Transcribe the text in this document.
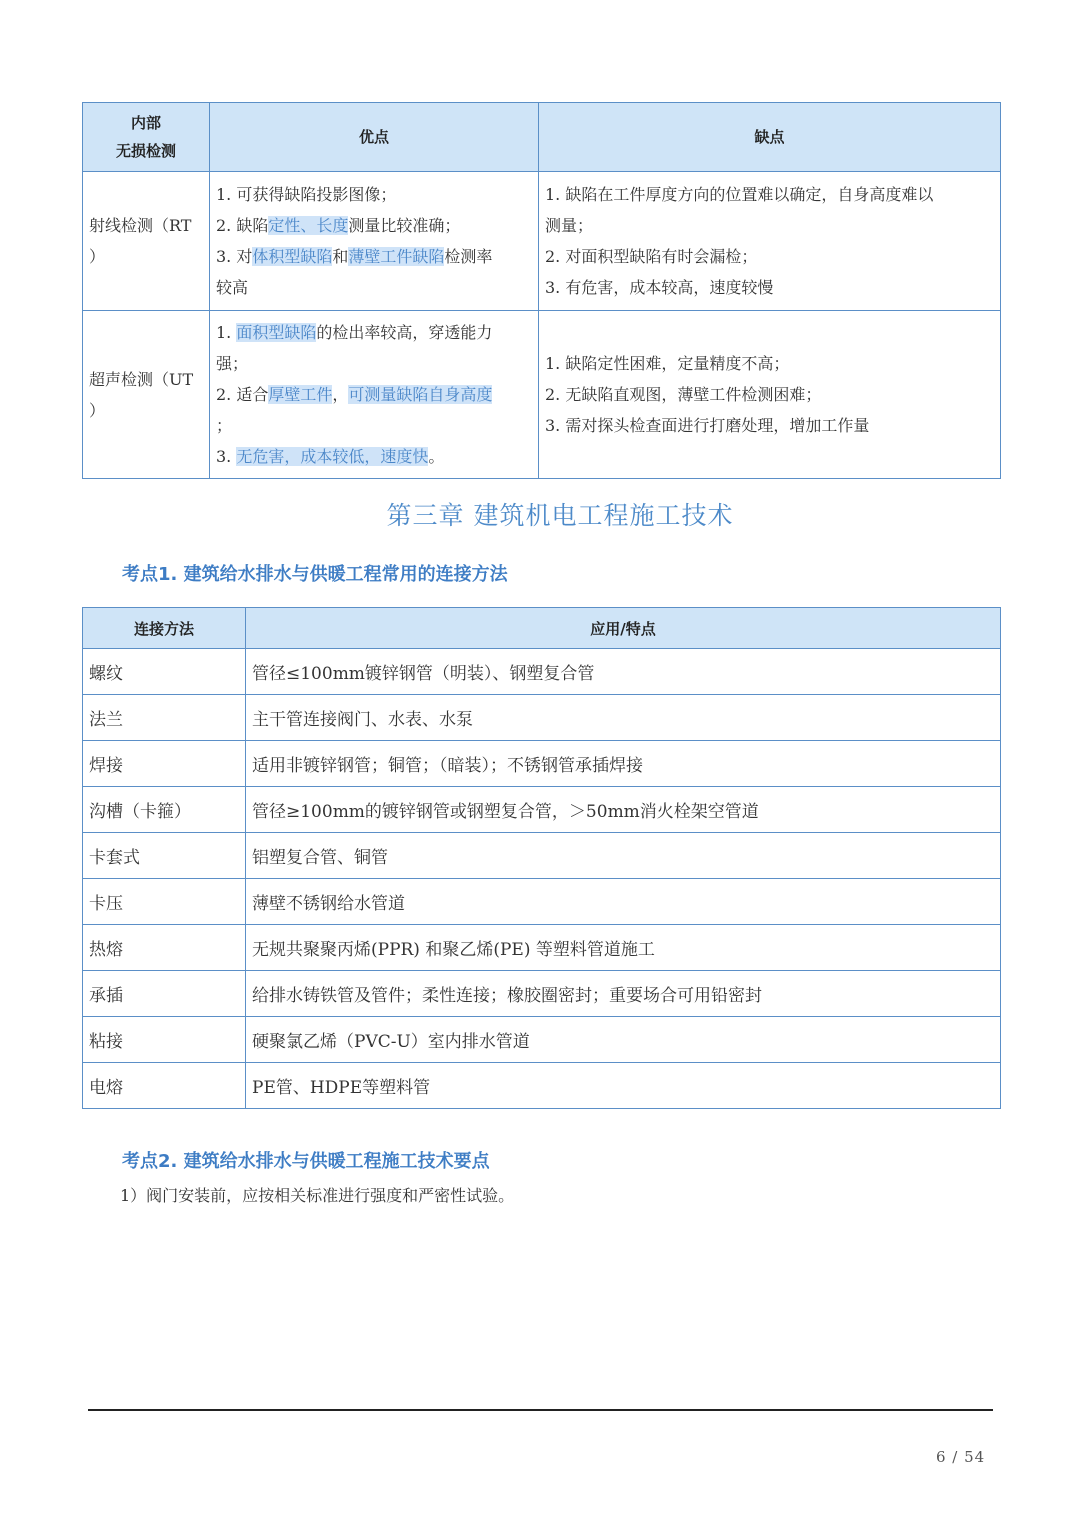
内部
无损检测	优点	缺点

射线检测（RT
）	1. 可获得缺陷投影图像；
2. 缺陷定性、长度测量比较准确；
3. 对体积型缺陷和薄壁工件缺陷检测率
较高	1. 缺陷在工件厚度方向的位置难以确定，自身高度难以
测量；
2. 对面积型缺陷有时会漏检；
3. 有危害，成本较高，速度较慢

超声检测（UT
）	1. 面积型缺陷的检出率较高，穿透能力
强；
2. 适合厚壁工件，可测量缺陷自身高度
；
3. 无危害，成本较低，速度快。	1. 缺陷定性困难，定量精度不高；
2. 无缺陷直观图，薄壁工件检测困难；
3. 需对探头检查面进行打磨处理，增加工作量
第三章 建筑机电工程施工技术
考点1. 建筑给水排水与供暖工程常用的连接方法
连接方法	应用/特点
螺纹	管径≤100mm镀锌钢管（明装）、钢塑复合管
法兰	主干管连接阀门、水表、水泵
焊接	适用非镀锌钢管；铜管；（暗装）；不锈钢管承插焊接
沟槽（卡箍）	管径≥100mm的镀锌钢管或钢塑复合管，＞50mm消火栓架空管道
卡套式	铝塑复合管、铜管
卡压	薄壁不锈钢给水管道
热熔	无规共聚聚丙烯(PPR) 和聚乙烯(PE) 等塑料管道施工
承插	给排水铸铁管及管件；柔性连接；橡胶圈密封；重要场合可用铅密封
粘接	硬聚氯乙烯（PVC-U）室内排水管道
电熔	PE管、HDPE等塑料管
考点2. 建筑给水排水与供暖工程施工技术要点
1）阀门安装前，应按相关标准进行强度和严密性试验。
6 / 54
